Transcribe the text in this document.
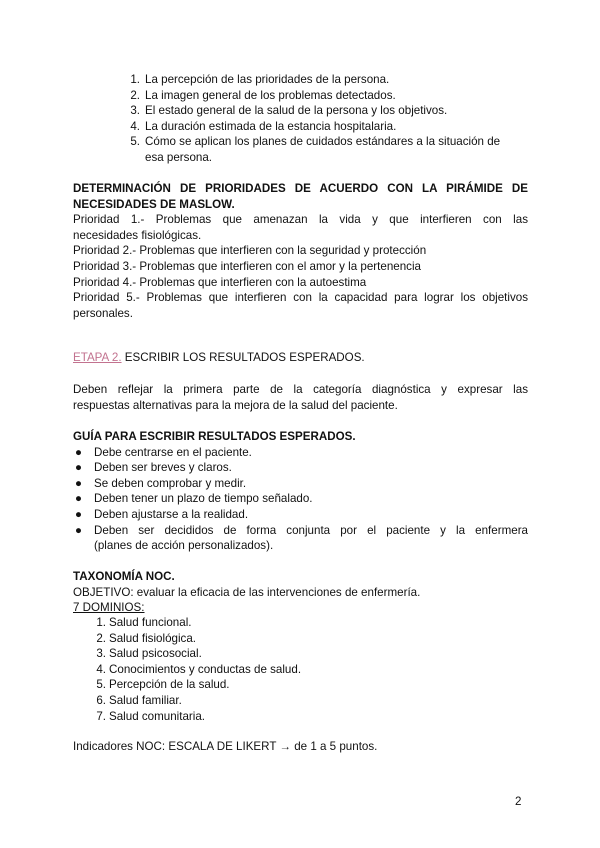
1. La percepción de las prioridades de la persona.
2. La imagen general de los problemas detectados.
3. El estado general de la salud de la persona y los objetivos.
4. La duración estimada de la estancia hospitalaria.
5. Cómo se aplican los planes de cuidados estándares a la situación de
esa persona.
DETERMINACIÓN DE PRIORIDADES DE ACUERDO CON LA PIRÁMIDE DE
NECESIDADES DE MASLOW.
Prioridad 1.- Problemas que amenazan la vida y que interfieren con las
necesidades fisiológicas.
Prioridad 2.- Problemas que interfieren con la seguridad y protección
Prioridad 3.- Problemas que interfieren con el amor y la pertenencia
Prioridad 4.- Problemas que interfieren con la autoestima
Prioridad 5.- Problemas que interfieren con la capacidad para lograr los objetivos
personales.
ETAPA 2. ESCRIBIR LOS RESULTADOS ESPERADOS.
Deben reflejar la primera parte de la categoría diagnóstica y expresar las
respuestas alternativas para la mejora de la salud del paciente.
GUÍA PARA ESCRIBIR RESULTADOS ESPERADOS.
● Debe centrarse en el paciente.
● Deben ser breves y claros.
● Se deben comprobar y medir.
● Deben tener un plazo de tiempo señalado.
● Deben ajustarse a la realidad.
● Deben ser decididos de forma conjunta por el paciente y la enfermera
(planes de acción personalizados).
TAXONOMÍA NOC.
OBJETIVO: evaluar la eficacia de las intervenciones de enfermería.
7 DOMINIOS:
1. Salud funcional.
2. Salud fisiológica.
3. Salud psicosocial.
4. Conocimientos y conductas de salud.
5. Percepción de la salud.
6. Salud familiar.
7. Salud comunitaria.
Indicadores NOC: ESCALA DE LIKERT → de 1 a 5 puntos.
2
